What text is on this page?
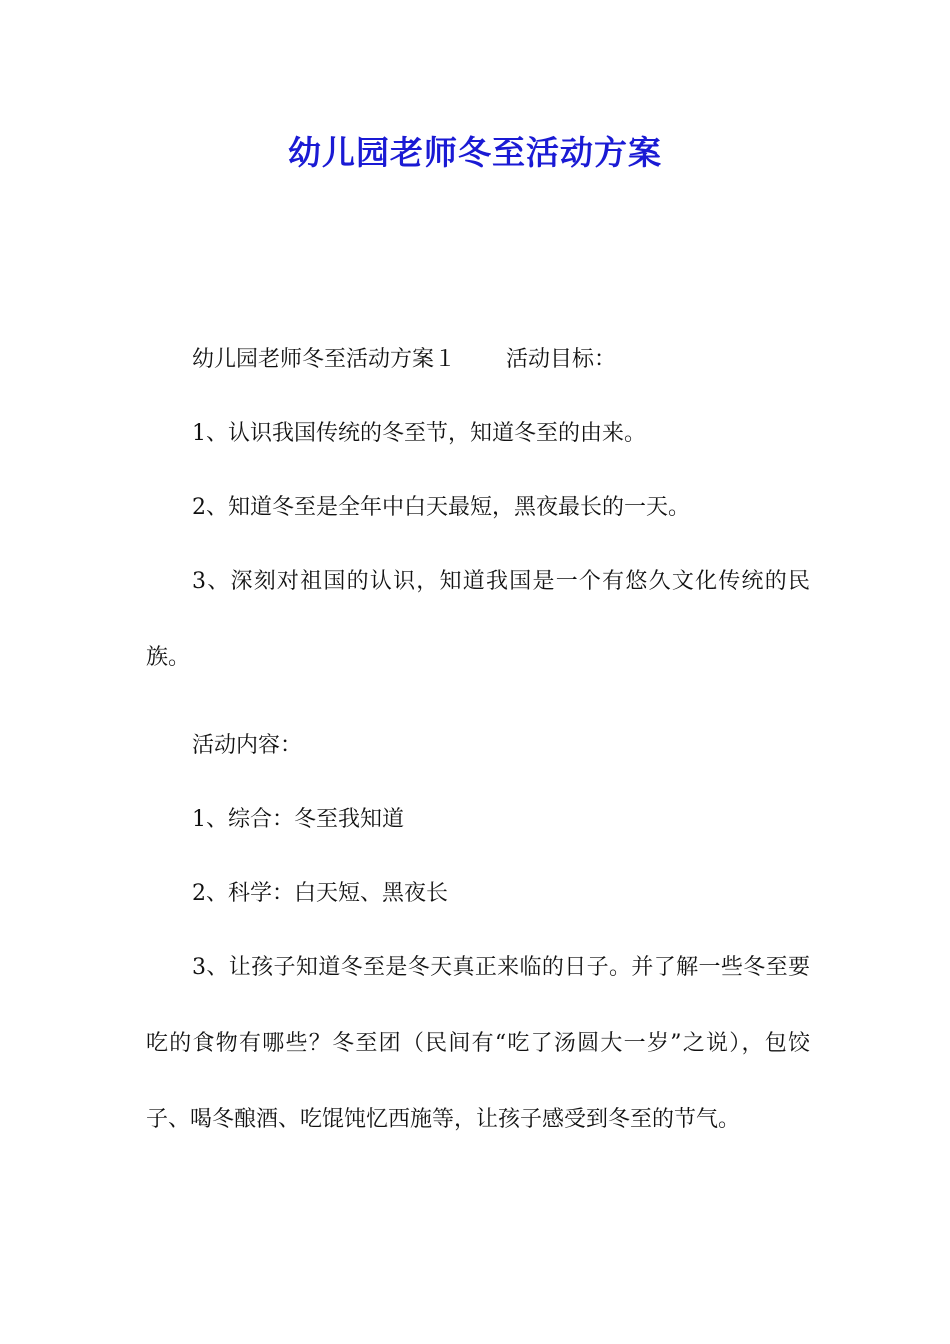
幼儿园老师冬至活动方案

幼儿园老师冬至活动方案１ 活动目标：

1、认识我国传统的冬至节，知道冬至的由来。

2、知道冬至是全年中白天最短，黑夜最长的一天。

3、深刻对祖国的认识，知道我国是一个有悠久文化传统的民族。

活动内容：

1、综合：冬至我知道

2、科学：白天短、黑夜长

3、让孩子知道冬至是冬天真正来临的日子。并了解一些冬至要吃的食物有哪些？冬至团（民间有“吃了汤圆大一岁”之说），包饺子、喝冬酿酒、吃馄饨忆西施等，让孩子感受到冬至的节气。
